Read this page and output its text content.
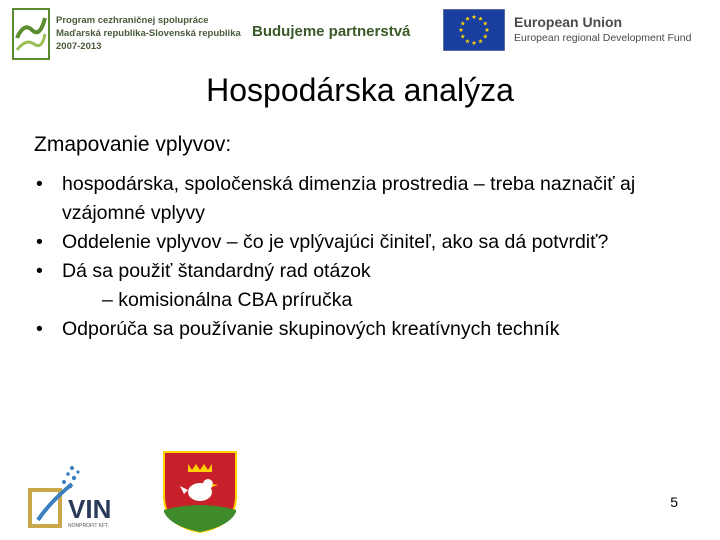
Program cezhraničnej spolupráce
Maďarská republika-Slovenská republika
2007-2013
Budujeme partnerstvá
European Union
European regional Development Fund
Hospodárska analýza
Zmapovanie vplyvov:
• hospodárska, spoločenská dimenzia prostredia – treba naznačiť aj vzájomné vplyvy
• Oddelenie vplyvov – čo je vplývajúci činiteľ, ako sa dá potvrdiť?
• Dá sa použiť štandardný rad otázok
– komisionálna CBA príručka
• Odporúča sa používanie skupinových kreatívnych techník
VIN
NONPROFIT KFT.
5
